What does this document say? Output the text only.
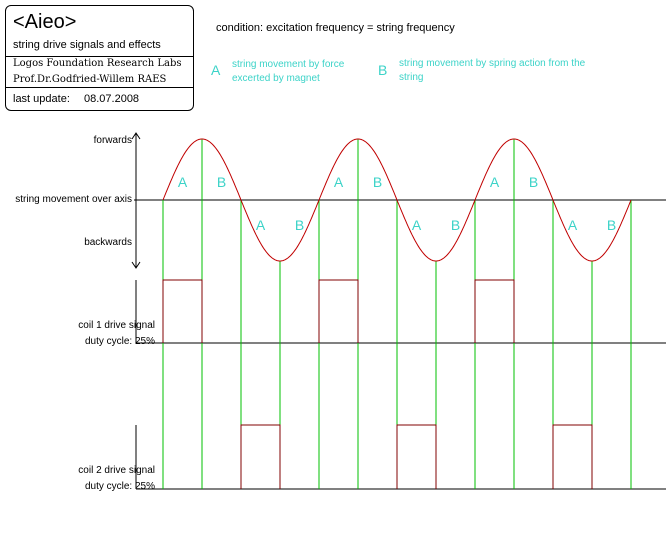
<Aieo>
string drive signals and effects
Logos Foundation Research Labs
Prof.Dr.Godfried-Willem RAES
last update: 08.07.2008
condition: excitation frequency = string frequency
A string movement by force
excerted by magnet
B string movement by spring action from the
string
forwards
string movement over axis
backwards
coil 1 drive signal
duty cycle: 25%
coil 2 drive signal
duty cycle: 25%
A B
A B
A B
A B
A B
A B
